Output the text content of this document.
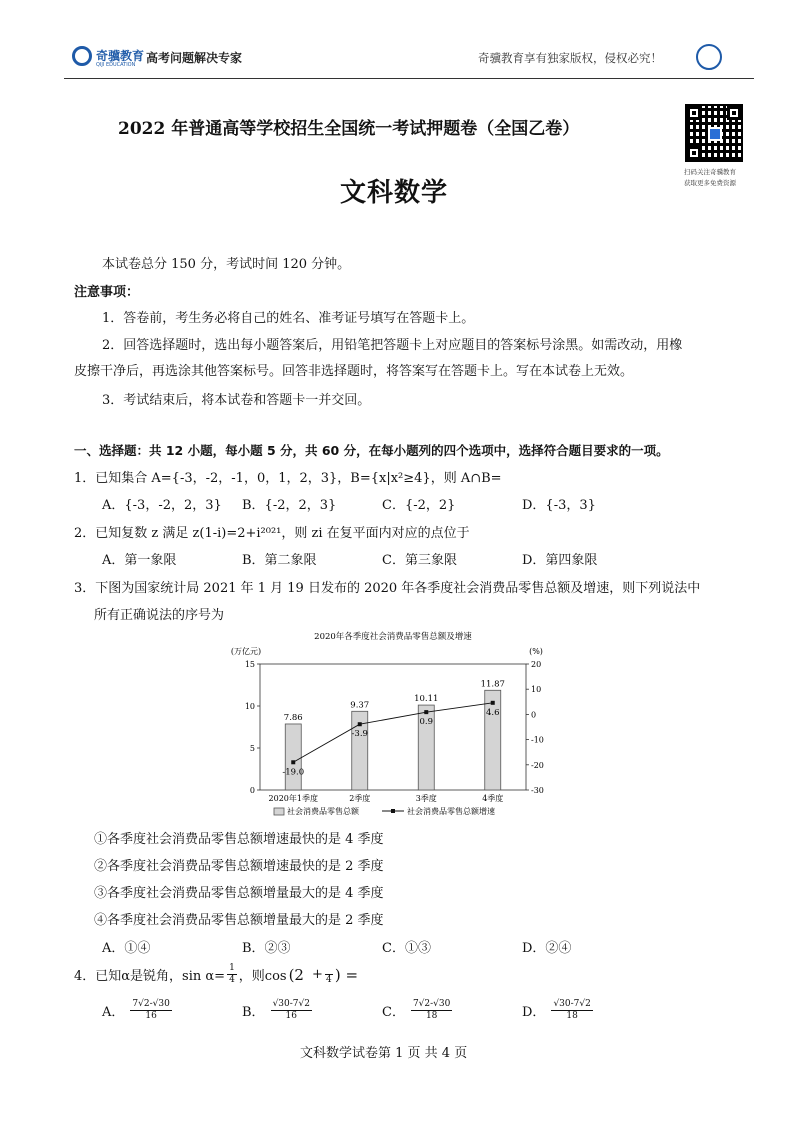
奇骥教育
QIJI EDUCATION 高考问题解决专家	奇骥教育享有独家版权，侵权必究！
扫码关注奇骥教育
获取更多免费资源
2022 年普通高等学校招生全国统一考试押题卷（全国乙卷）
文科数学
本试卷总分 150 分，考试时间 120 分钟。
注意事项：
1．答卷前，考生务必将自己的姓名、准考证号填写在答题卡上。
2．回答选择题时，选出每小题答案后，用铅笔把答题卡上对应题目的答案标号涂黑。如需改动，用橡
皮擦干净后，再选涂其他答案标号。回答非选择题时，将答案写在答题卡上。写在本试卷上无效。
3．考试结束后，将本试卷和答题卡一并交回。
一、选择题：共 12 小题，每小题 5 分，共 60 分，在每小题列的四个选项中，选择符合题目要求的一项。
1．已知集合 A={-3，-2，-1，0，1，2，3}，B={x|x²≥4}，则 A∩B=
A．{-3，-2，2，3} B．{-2，2，3}	C．{-2，2}	D．{-3，3}
2．已知复数 z 满足 z(1-i)=2+i²⁰²¹，则 zi 在复平面内对应的点位于
A．第一象限	B．第二象限	C．第三象限	D．第四象限
3．下图为国家统计局 2021 年 1 月 19 日发布的 2020 年各季度社会消费品零售总额及增速，则下列说法中
所有正确说法的序号为
2020年各季度社会消费品零售总额及增速
(万亿元)	(%)
0
5
10
15
-30
-20
-10
0
10
20
7.86
9.37
10.11
11.87
-19.0
-3.9
0.9
4.6
2020年1季度	2季度	3季度	4季度
社会消费品零售总额	社会消费品零售总额增速
①各季度社会消费品零售总额增速最快的是 4 季度
②各季度社会消费品零售总额增速最快的是 2 季度
③各季度社会消费品零售总额增量最大的是 4 季度
④各季度社会消费品零售总额增量最大的是 2 季度
A．①④	B．②③	C．①③	D．②④
4．已知α是锐角，$\sin \alpha= \frac{1}{4}$ ，则cos (2 +
4 ) =
A． $\frac{7√2-√30}{16}$	B． $\frac{√30-7√2}{16}$	C． $\frac{7√2-√30}{18}$	D． $\frac{√30-7√2}{18}$
文科数学试卷第 1 页 共 4 页
